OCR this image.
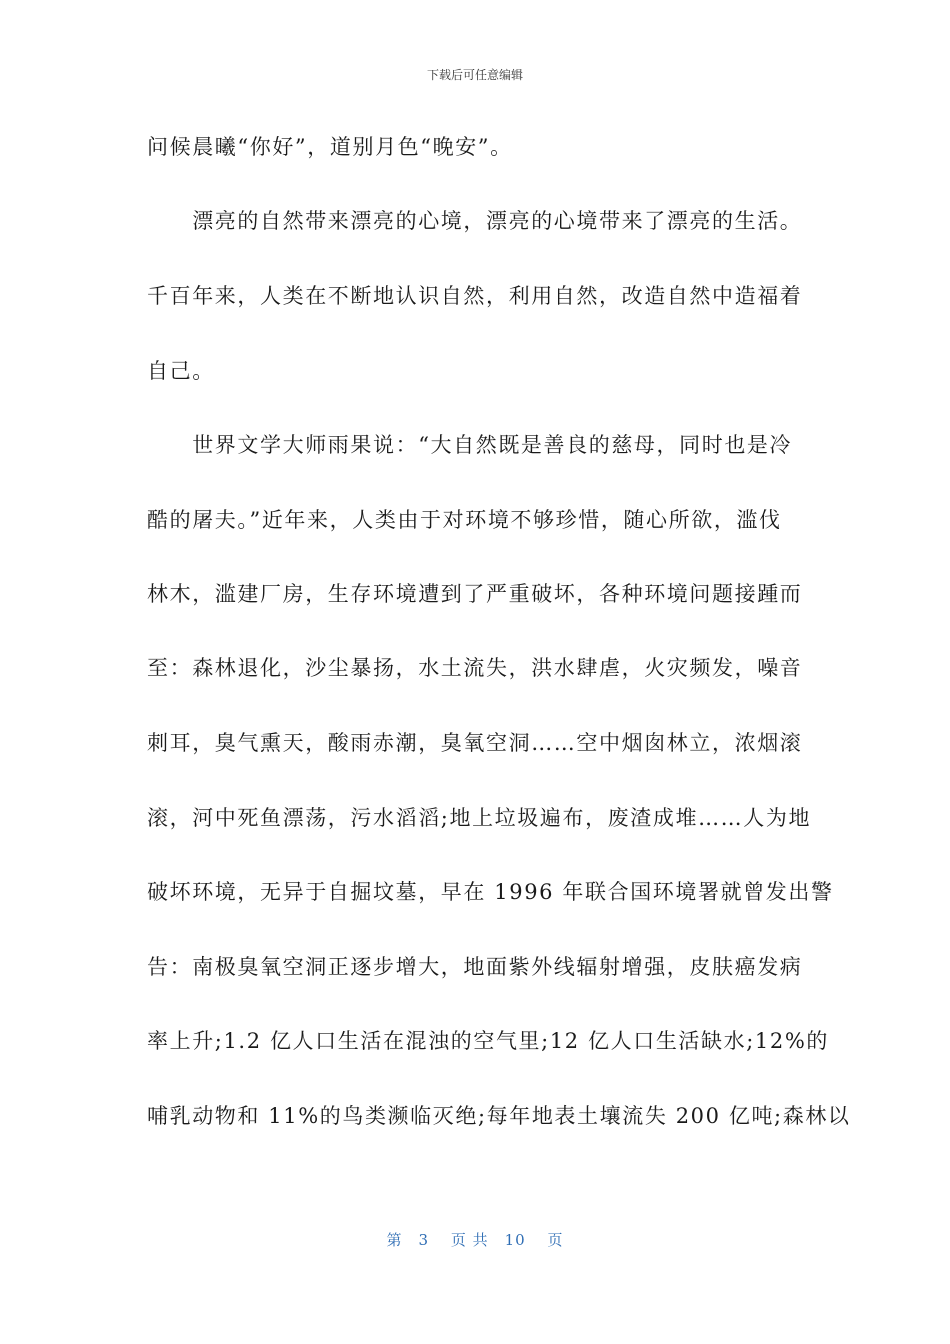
下载后可任意编辑
问候晨曦“你好”，道别月色“晚安”。
　　漂亮的自然带来漂亮的心境，漂亮的心境带来了漂亮的生活。
千百年来，人类在不断地认识自然，利用自然，改造自然中造福着
自己。
　　世界文学大师雨果说：“大自然既是善良的慈母，同时也是冷
酷的屠夫。”近年来，人类由于对环境不够珍惜，随心所欲，滥伐
林木，滥建厂房，生存环境遭到了严重破坏，各种环境问题接踵而
至：森林退化，沙尘暴扬，水土流失，洪水肆虐，火灾频发，噪音
刺耳，臭气熏天，酸雨赤潮，臭氧空洞……空中烟囱林立，浓烟滚
滚，河中死鱼漂荡，污水滔滔;地上垃圾遍布，废渣成堆……人为地
破坏环境，无异于自掘坟墓，早在 1996 年联合国环境署就曾发出警
告：南极臭氧空洞正逐步增大，地面紫外线辐射增强，皮肤癌发病
率上升;1.2 亿人口生活在混浊的空气里;12 亿人口生活缺水;12%的
哺乳动物和 11%的鸟类濒临灭绝;每年地表土壤流失 200 亿吨;森林以
第　3　 页 共　10　 页
